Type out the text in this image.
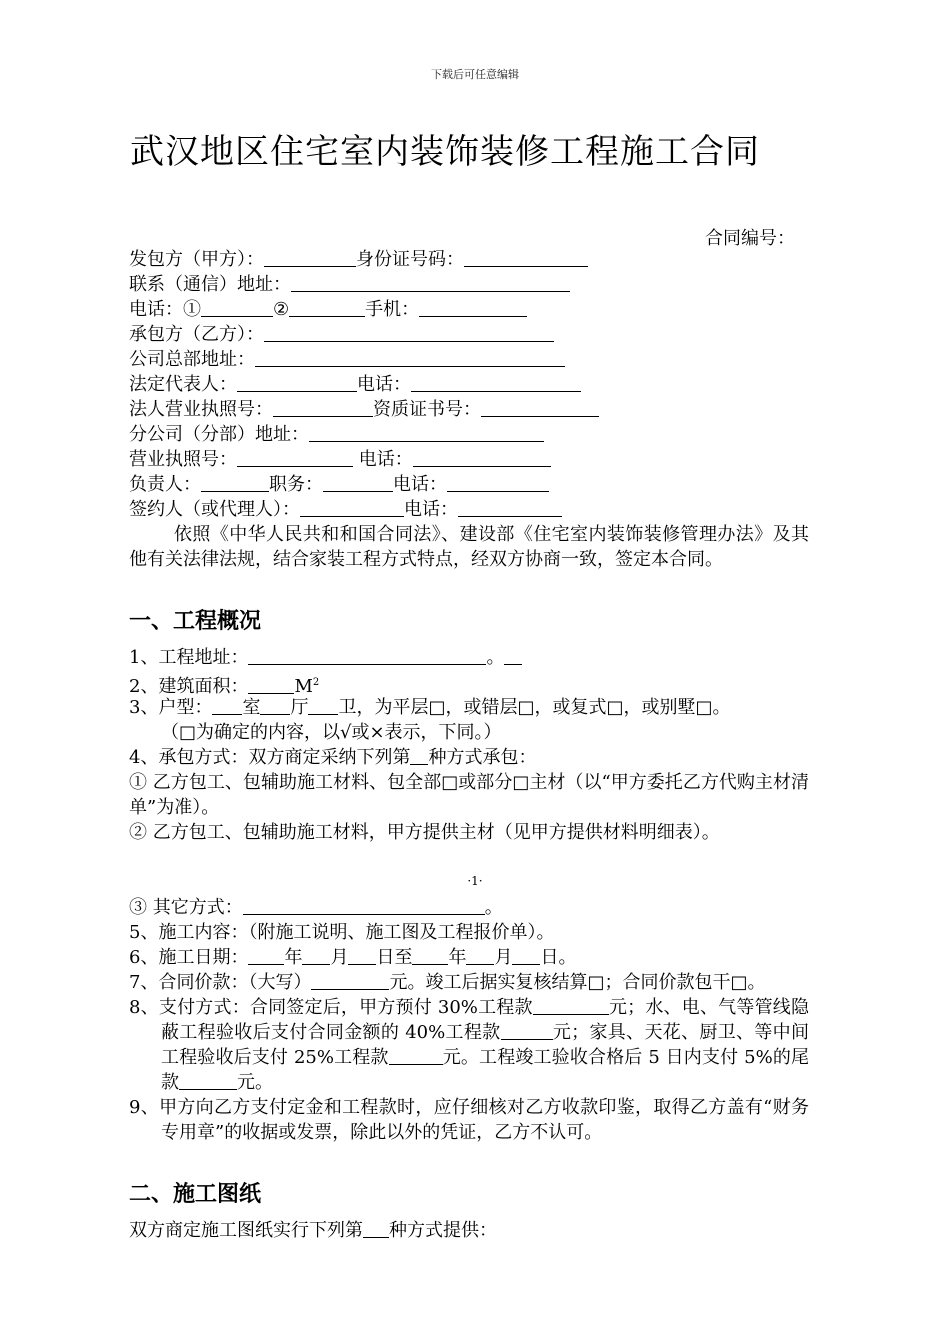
下载后可任意编辑
武汉地区住宅室内装饰装修工程施工合同
合同编号：
发包方（甲方）：	身份证号码：
联系（通信）地址：
电话：①	②	手机：
承包方（乙方）：
公司总部地址：
法定代表人：	电话：
法人营业执照号：	资质证书号：
分公司（分部）地址：
营业执照号：	电话：
负责人：	职务：	电话：
签约人（或代理人）：	电话：
依照《中华人民共和和国合同法》、建设部《住宅室内装饰装修管理办法》及其他有关法律法规，结合家装工程方式特点，经双方协商一致，签定本合同。
一、工程概况
1、工程地址：	。
2、建筑面积：	$M^2$
3、户型： 室 厅 卫，为平层□，或错层□，或复式□，或别墅□。
（□为确定的内容，以√或×表示，下同。）
4、承包方式：双方商定采纳下列第 种方式承包：
① 乙方包工、包辅助施工材料、包全部□或部分□主材（以“甲方委托乙方代购主材清单”为准）。
② 乙方包工、包辅助施工材料，甲方提供主材（见甲方提供材料明细表）。
·1·
③ 其它方式：	。
5、施工内容：（附施工说明、施工图及工程报价单）。
6、施工日期： 年 月 日至 年 月 日。
7、合同价款：（大写）	元。竣工后据实复核结算□；合同价款包干□。
8、支付方式：合同签定后，甲方预付 30%工程款	元；水、电、气等管线隐蔽工程验收后支付合同金额的 40%工程款	元；家具、天花、厨卫、等中间工程验收后支付 25%工程款	元。工程竣工验收合格后 5 日内支付 5%的尾款	元。
9、甲方向乙方支付定金和工程款时，应仔细核对乙方收款印鉴，取得乙方盖有“财务专用章”的收据或发票，除此以外的凭证，乙方不认可。
二、施工图纸
双方商定施工图纸实行下列第 种方式提供：
